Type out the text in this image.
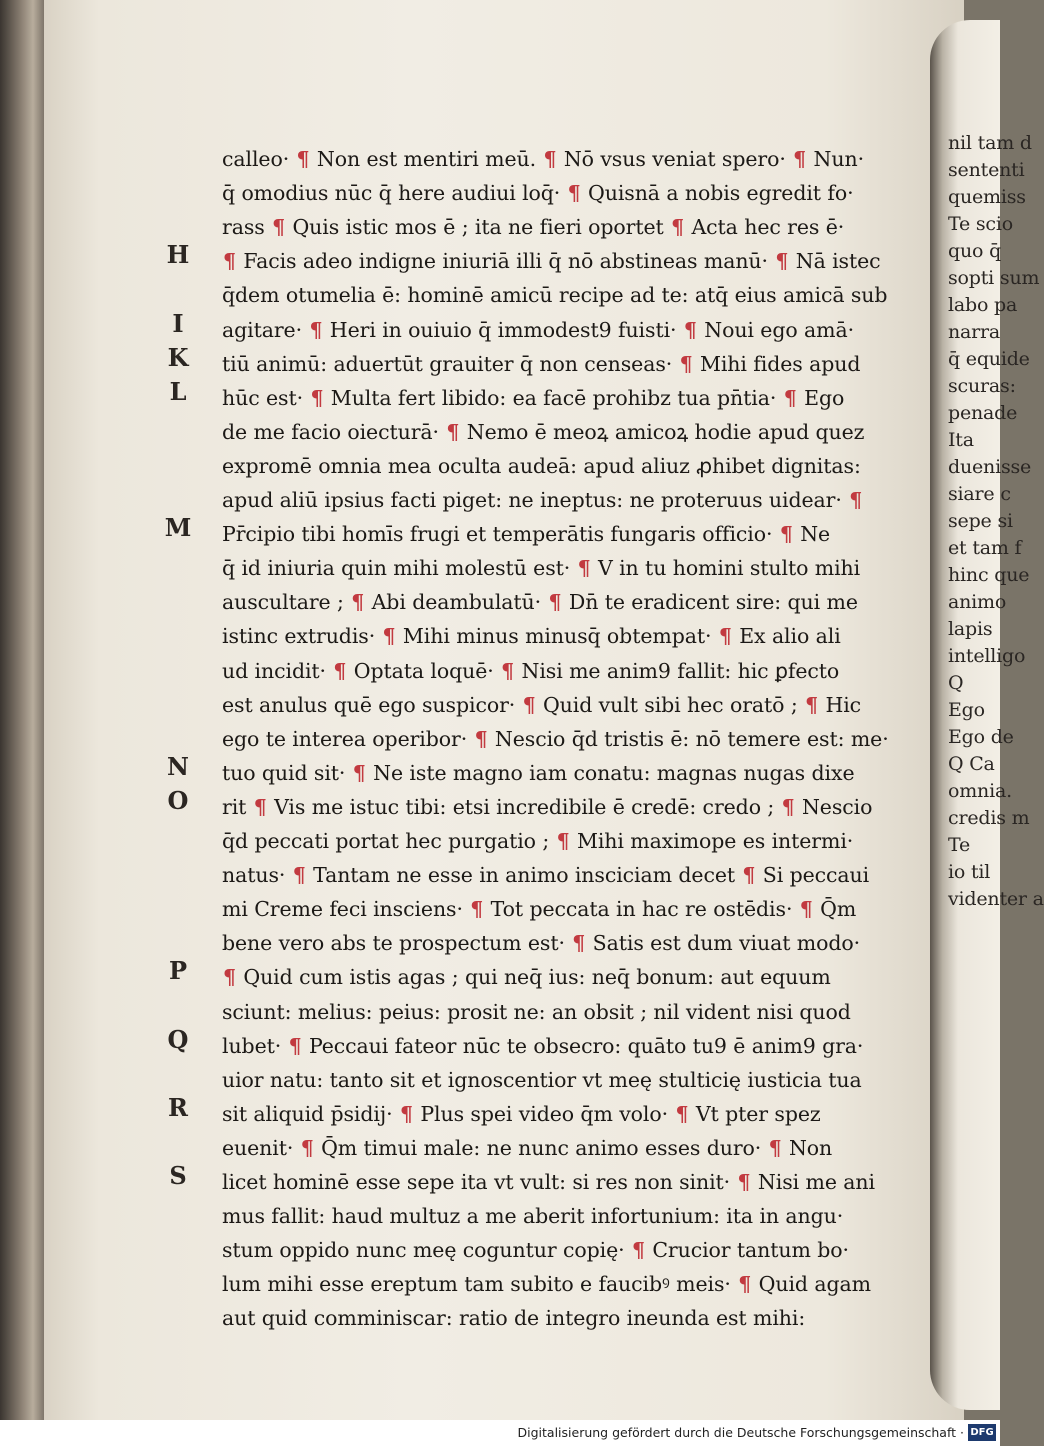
nil tam d
sententi
quemiss
Te scio
quo q̄
sopti sum
labo pa
narra
q̄ equide
scuras:
penade
Ita
duenisse
siare c
sepe si
et tam f
hinc que
animo
lapis
intelligo
Q
Ego
Ego de
Q Ca
omnia.
credis m
Te
io til
videnter a
calleo· ¶ Non est mentiri meū. ¶ Nō vsus veniat spero· ¶ Nun·
q̄ omodius nūc q̄ here audiui loq̄· ¶ Quisnā a nobis egredit fo·
rass ¶ Quis istic mos ē ; ita ne fieri oportet ¶ Acta hec res ē·
¶ Facis adeo indigne iniuriā illi q̄ nō abstineas manū· ¶ Nā istec
q̄dem otumelia ē: hominē amicū recipe ad te: atq̄ eius amicā sub
agitare· ¶ Heri in ouiuio q̄ immodest9 fuisti· ¶ Noui ego amā·
tiū animū: aduertūt grauiter q̄ non censeas· ¶ Mihi fides apud
hūc est· ¶ Multa fert libido: ea facē prohibz tua pn̄tia· ¶ Ego
de me facio oiecturā· ¶ Nemo ē meoꝝ amicoꝝ hodie apud quez
expromē omnia mea oculta audeā: apud aliuz ꝓhibet dignitas:
apud aliū ipsius facti piget: ne ineptus: ne proteruus uidear· ¶
Pr̄cipio tibi homīs frugi et temperātis fungaris officio· ¶ Ne
q̄ id iniuria quin mihi molestū est· ¶ V in tu homini stulto mihi
auscultare ; ¶ Abi deambulatū· ¶ Dn̄ te eradicent sire: qui me
istinc extrudis· ¶ Mihi minus minusq̄ obtempat· ¶ Ex alio ali
ud incidit· ¶ Optata loquē· ¶ Nisi me anim9 fallit: hic ꝑfecto
est anulus quē ego suspicor· ¶ Quid vult sibi hec oratō ; ¶ Hic
ego te interea operibor· ¶ Nescio q̄d tristis ē: nō temere est: me·
tuo quid sit· ¶ Ne iste magno iam conatu: magnas nugas dixe
rit ¶ Vis me istuc tibi: etsi incredibile ē credē: credo ; ¶ Nescio
q̄d peccati portat hec purgatio ; ¶ Mihi maximope es intermi·
natus· ¶ Tantam ne esse in animo insciciam decet ¶ Si peccaui
mi Creme feci insciens· ¶ Tot peccata in hac re ostēdis· ¶ Q̄m
bene vero abs te prospectum est· ¶ Satis est dum viuat modo·
¶ Quid cum istis agas ; qui neq̄ ius: neq̄ bonum: aut equum
sciunt: melius: peius: prosit ne: an obsit ; nil vident nisi quod
lubet· ¶ Peccaui fateor nūc te obsecro: quāto tu9 ē anim9 gra·
uior natu: tanto sit et ignoscentior vt meę stulticię iusticia tua
sit aliquid p̄sidij· ¶ Plus spei video q̄m volo· ¶ Vt pter spez
euenit· ¶ Q̄m timui male: ne nunc animo esses duro· ¶ Non
licet hominē esse sepe ita vt vult: si res non sinit· ¶ Nisi me ani
mus fallit: haud multuz a me aberit infortunium: ita in angu·
stum oppido nunc meę coguntur copię· ¶ Crucior tantum bo·
lum mihi esse ereptum tam subito e faucibꝰ meis· ¶ Quid agam
aut quid comminiscar: ratio de integro ineunda est mihi:
H
I
K
L
M
N
O
P
Q
R
S
Digitalisierung gefördert durch die Deutsche Forschungsgemeinschaft · DFG
